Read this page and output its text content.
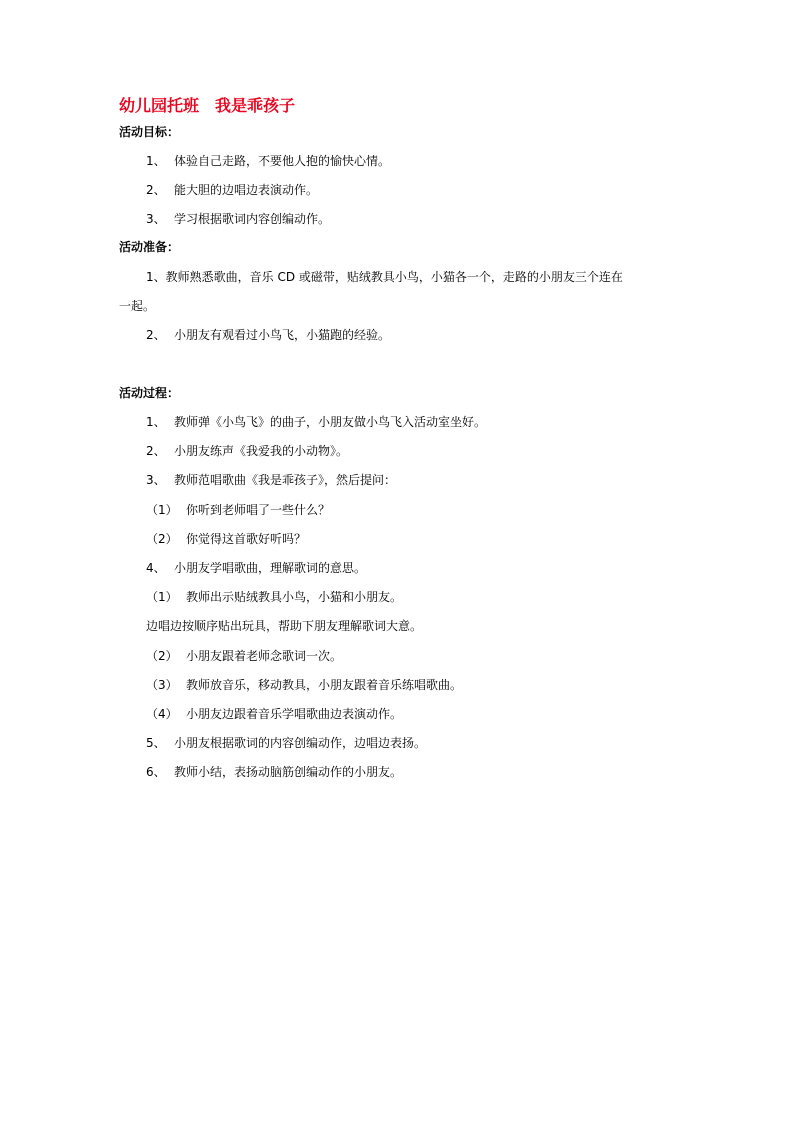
幼儿园托班　我是乖孩子
活动目标：
1、 体验自己走路，不要他人抱的愉快心情。
2、 能大胆的边唱边表演动作。
3、 学习根据歌词内容创编动作。
活动准备：
1、教师熟悉歌曲，音乐 CD 或磁带，贴绒教具小鸟，小猫各一个，走路的小朋友三个连在
一起。
2、 小朋友有观看过小鸟飞，小猫跑的经验。
活动过程：
1、 教师弹《小鸟飞》的曲子，小朋友做小鸟飞入活动室坐好。
2、 小朋友练声《我爱我的小动物》。
3、 教师范唱歌曲《我是乖孩子》，然后提问：
（1） 你听到老师唱了一些什么？
（2） 你觉得这首歌好听吗？
4、 小朋友学唱歌曲，理解歌词的意思。
（1） 教师出示贴绒教具小鸟，小猫和小朋友。
边唱边按顺序贴出玩具，帮助下朋友理解歌词大意。
（2） 小朋友跟着老师念歌词一次。
（3） 教师放音乐，移动教具，小朋友跟着音乐练唱歌曲。
（4） 小朋友边跟着音乐学唱歌曲边表演动作。
5、 小朋友根据歌词的内容创编动作，边唱边表扬。
6、 教师小结，表扬动脑筋创编动作的小朋友。
